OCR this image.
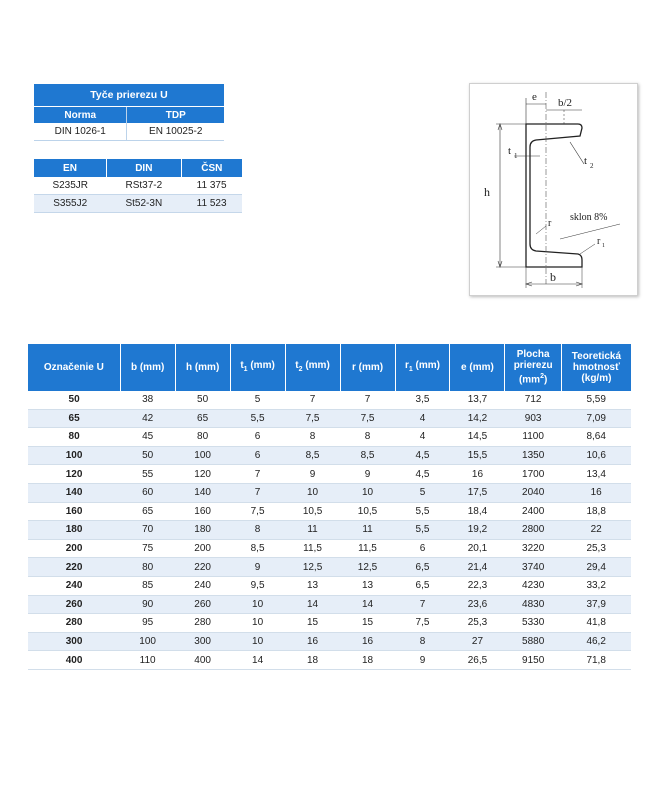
Tyče prierezu U	
Norma	TDP
DIN 1026-1	EN 10025-2
EN	DIN	ČSN
S235JR	RSt37-2	11 375
S355J2	St52-3N	11 523
e b/2
t 1	t 2
h
r
sklon 8%
r 1
b
Označenie U	b (mm)	h (mm)	$t_1$ (mm)	$t_2$ (mm)	r (mm)	$r_1$ (mm)	e (mm)	Plocha
prierezu
$(mm^2)$	Teoretická
hmotnosť
(kg/m)
50	38	50	5	7	7	3,5	13,7	712	5,59
65	42	65	5,5	7,5	7,5	4	14,2	903	7,09
80	45	80	6	8	8	4	14,5	1100	8,64
100	50	100	6	8,5	8,5	4,5	15,5	1350	10,6
120	55	120	7	9	9	4,5	16	1700	13,4
140	60	140	7	10	10	5	17,5	2040	16
160	65	160	7,5	10,5	10,5	5,5	18,4	2400	18,8
180	70	180	8	11	11	5,5	19,2	2800	22
200	75	200	8,5	11,5	11,5	6	20,1	3220	25,3
220	80	220	9	12,5	12,5	6,5	21,4	3740	29,4
240	85	240	9,5	13	13	6,5	22,3	4230	33,2
260	90	260	10	14	14	7	23,6	4830	37,9
280	95	280	10	15	15	7,5	25,3	5330	41,8
300	100	300	10	16	16	8	27	5880	46,2
400	110	400	14	18	18	9	26,5	9150	71,8
